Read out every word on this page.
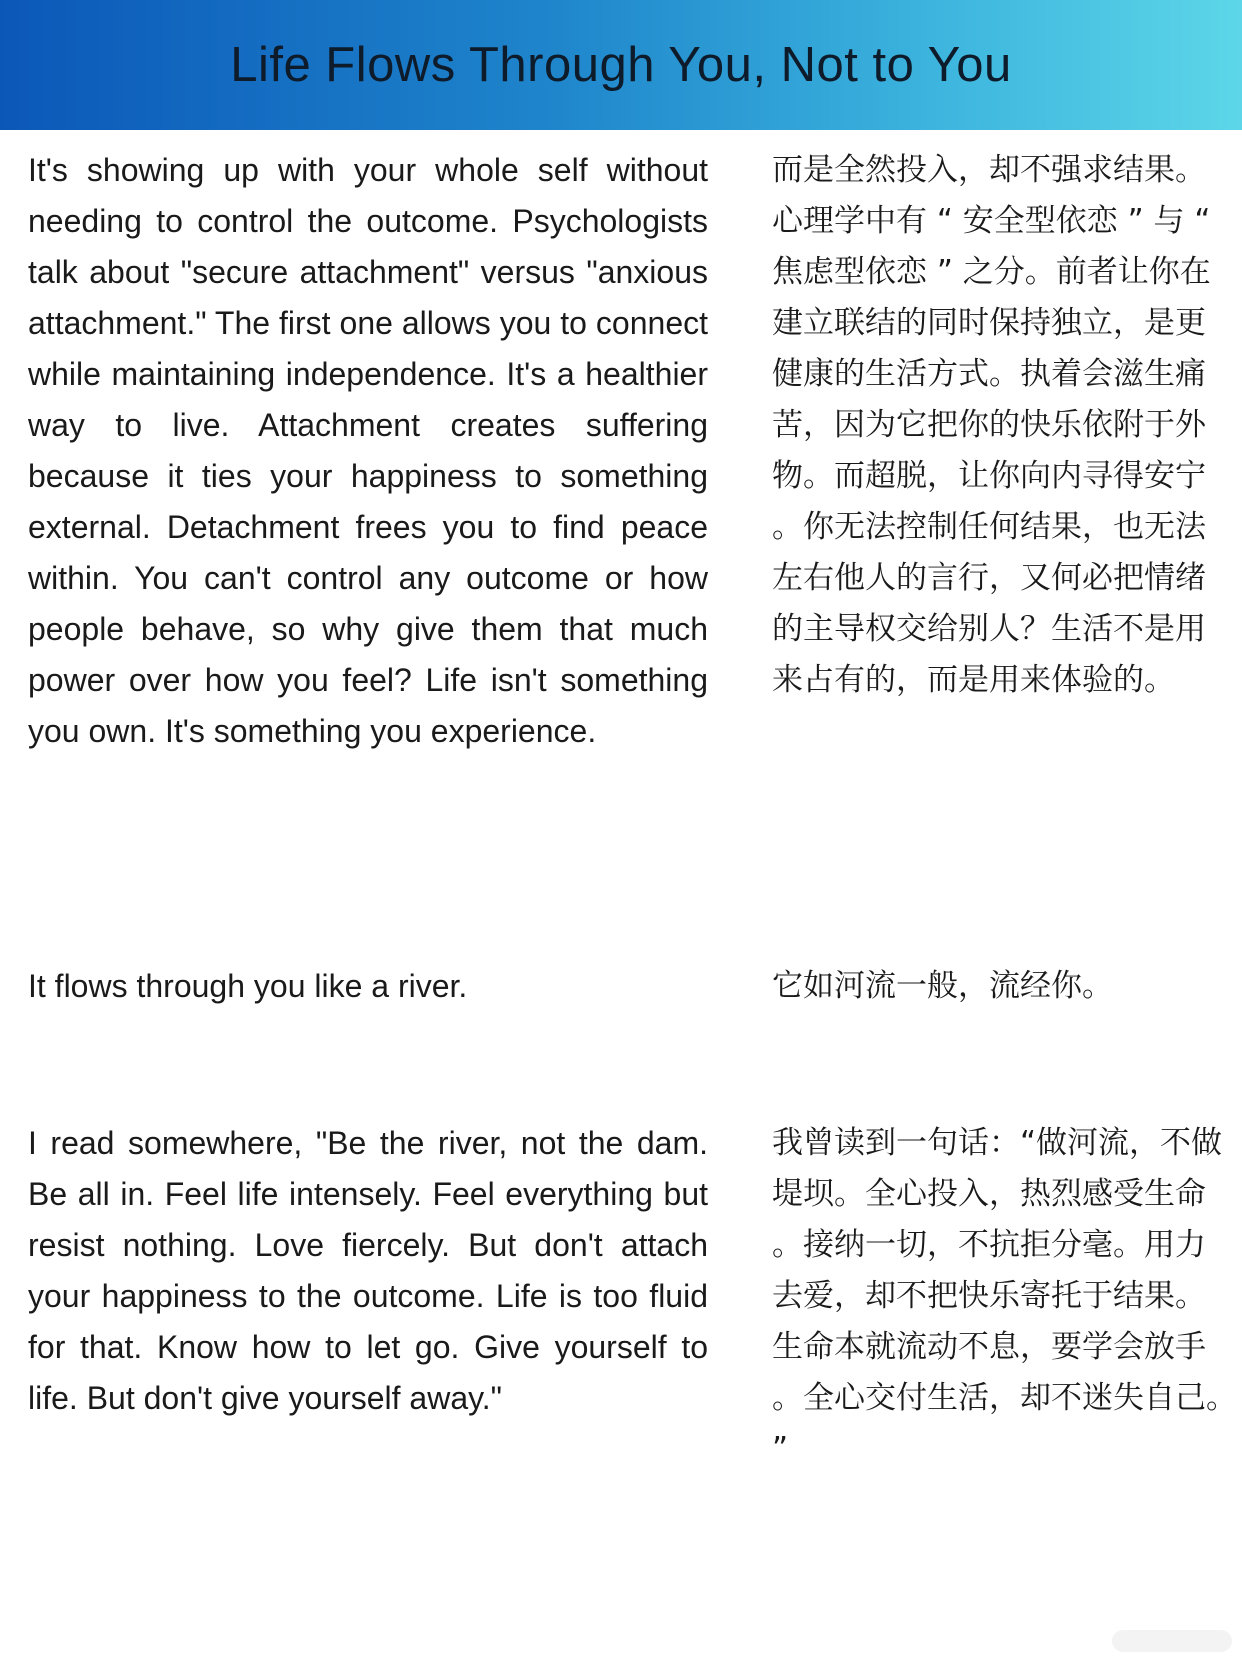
Life Flows Through You, Not to You

It's showing up with your whole self without needing to control the outcome. Psychologists talk about "secure attachment" versus "anxious attachment." The first one allows you to connect while maintaining independence. It's a healthier way to live. Attachment creates suffering because it ties your happiness to something external. Detachment frees you to find peace within. You can't control any outcome or how people behave, so why give them that much power over how you feel? Life isn't something you own. It's something you experience.

而是全然投入，却不强求结果。心理学中有 “ 安全型依恋 ” 与 “ 焦虑型依恋 ” 之分。前者让你在建立联结的同时保持独立，是更健康的生活方式。执着会滋生痛苦，因为它把你的快乐依附于外物。而超脱，让你向内寻得安宁。你无法控制任何结果，也无法左右他人的言行，又何必把情绪的主导权交给别人？生活不是用来占有的，而是用来体验的。

It flows through you like a river.	它如河流一般，流经你。

I read somewhere, "Be the river, not the dam. Be all in. Feel life intensely. Feel everything but resist nothing. Love fiercely. But don't attach your happiness to the outcome. Life is too fluid for that. Know how to let go. Give yourself to life. But don't give yourself away."

我曾读到一句话：“做河流，不做堤坝。全心投入，热烈感受生命。接纳一切，不抗拒分毫。用力去爱，却不把快乐寄托于结果。生命本就流动不息，要学会放手。全心交付生活，却不迷失自己。”
